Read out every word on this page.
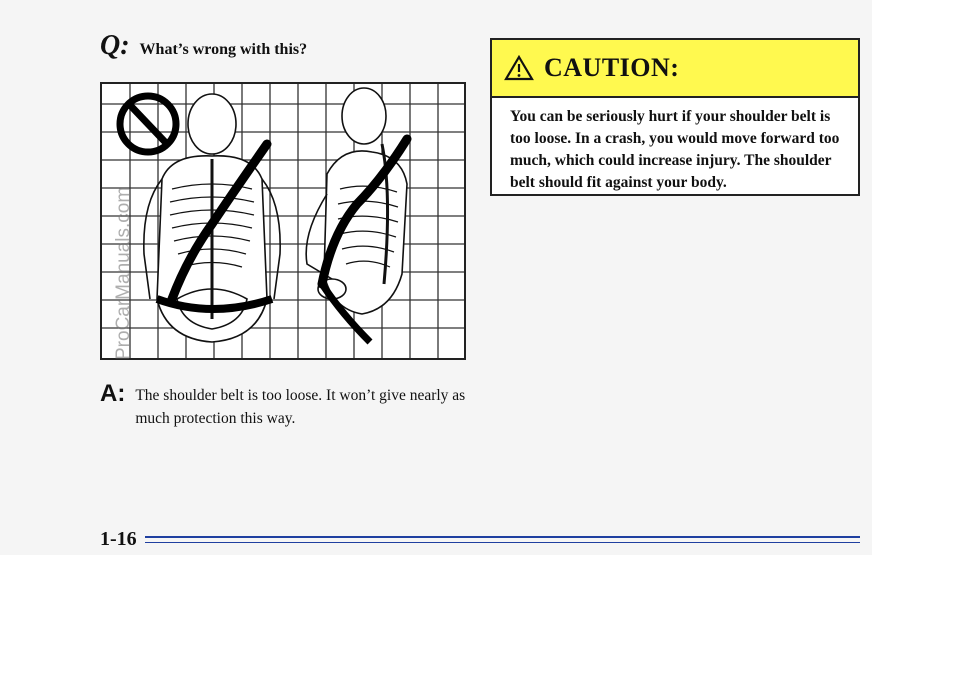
Q: What’s wrong with this?
ProCarManuals.com
A: The shoulder belt is too loose. It won’t give nearly as much protection this way.
CAUTION:
You can be seriously hurt if your shoulder belt is too loose. In a crash, you would move forward too much, which could increase injury. The shoulder belt should fit against your body.
1-16
